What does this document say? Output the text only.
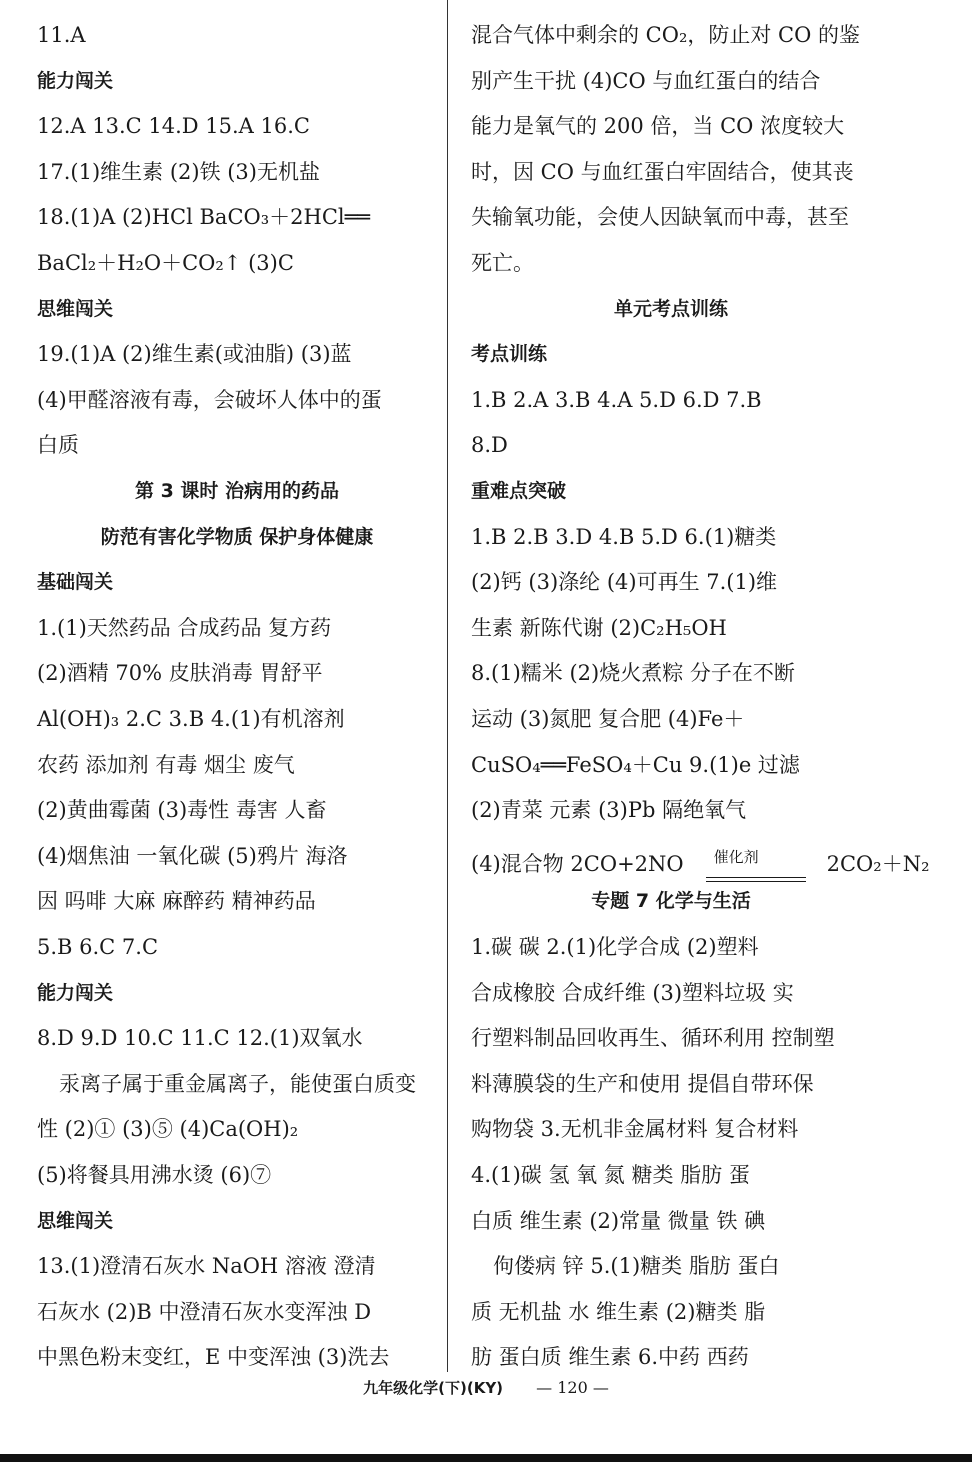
11.A
能力闯关
12.A 13.C 14.D 15.A 16.C
17.(1)维生素 (2)铁 (3)无机盐
18.(1)A (2)HCl BaCO₃＋2HCl══
BaCl₂＋H₂O＋CO₂↑ (3)C
思维闯关
19.(1)A (2)维生素(或油脂) (3)蓝
(4)甲醛溶液有毒，会破坏人体中的蛋
白质
第 3 课时 治病用的药品
防范有害化学物质 保护身体健康
基础闯关
1.(1)天然药品 合成药品 复方药
(2)酒精 70% 皮肤消毒 胃舒平
Al(OH)₃ 2.C 3.B 4.(1)有机溶剂
农药 添加剂 有毒 烟尘 废气
(2)黄曲霉菌 (3)毒性 毒害 人畜
(4)烟焦油 一氧化碳 (5)鸦片 海洛
因 吗啡 大麻 麻醉药 精神药品
5.B 6.C 7.C
能力闯关
8.D 9.D 10.C 11.C 12.(1)双氧水
汞离子属于重金属离子，能使蛋白质变
性 (2)① (3)⑤ (4)Ca(OH)₂
(5)将餐具用沸水烫 (6)⑦
思维闯关
13.(1)澄清石灰水 NaOH 溶液 澄清
石灰水 (2)B 中澄清石灰水变浑浊 D
中黑色粉末变红，E 中变浑浊 (3)洗去
混合气体中剩余的 CO₂，防止对 CO 的鉴
别产生干扰 (4)CO 与血红蛋白的结合
能力是氧气的 200 倍，当 CO 浓度较大
时，因 CO 与血红蛋白牢固结合，使其丧
失输氧功能，会使人因缺氧而中毒，甚至
死亡。
单元考点训练
考点训练
1.B 2.A 3.B 4.A 5.D 6.D 7.B
8.D
重难点突破
1.B 2.B 3.D 4.B 5.D 6.(1)糖类
(2)钙 (3)涤纶 (4)可再生 7.(1)维
生素 新陈代谢 (2)C₂H₅OH
8.(1)糯米 (2)烧火煮粽 分子在不断
运动 (3)氮肥 复合肥 (4)Fe＋
CuSO₄══FeSO₄＋Cu 9.(1)e 过滤
(2)青菜 元素 (3)Pb 隔绝氧气
(4)混合物 2CO+2NO 催化剂	2CO₂＋N₂
专题 7 化学与生活
1.碳 碳 2.(1)化学合成 (2)塑料
合成橡胶 合成纤维 (3)塑料垃圾 实
行塑料制品回收再生、循环利用 控制塑
料薄膜袋的生产和使用 提倡自带环保
购物袋 3.无机非金属材料 复合材料
4.(1)碳 氢 氧 氮 糖类 脂肪 蛋
白质 维生素 (2)常量 微量 铁 碘
佝偻病 锌 5.(1)糖类 脂肪 蛋白
质 无机盐 水 维生素 (2)糖类 脂
肪 蛋白质 维生素 6.中药 西药
九年级化学(下)(KY) — 120 —
